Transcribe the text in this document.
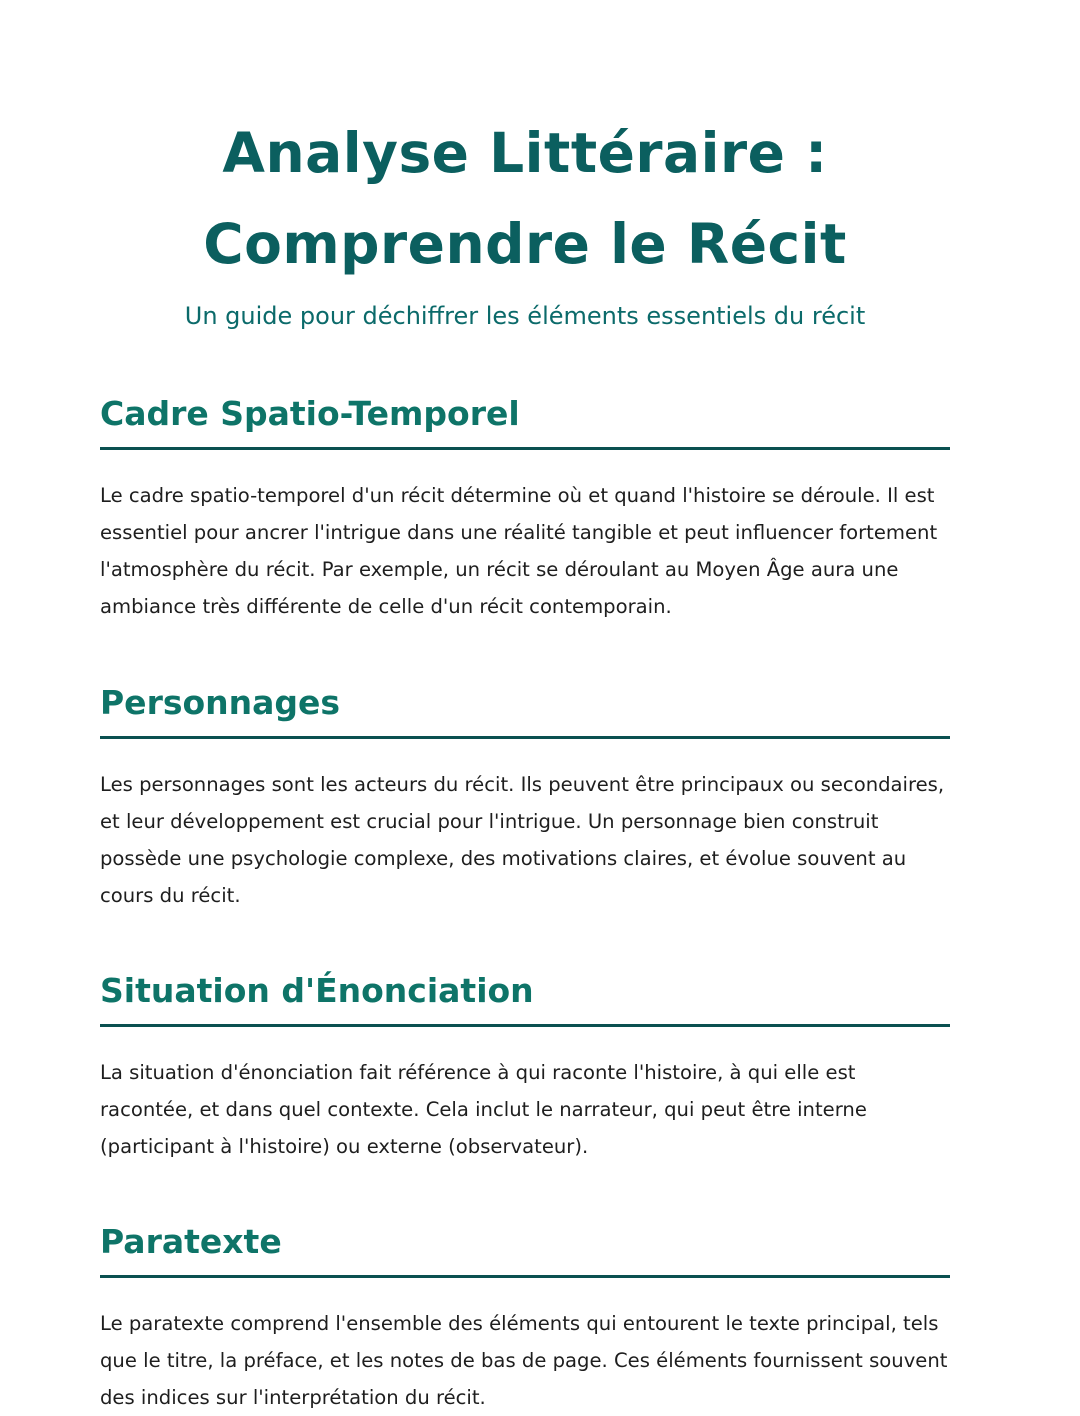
Analyse Littéraire :
Comprendre le Récit
Un guide pour déchiffrer les éléments essentiels du récit
Cadre Spatio-Temporel

Le cadre spatio-temporel d'un récit détermine où et quand l'histoire se déroule. Il est essentiel pour ancrer l'intrigue dans une réalité tangible et peut influencer fortement l'atmosphère du récit. Par exemple, un récit se déroulant au Moyen Âge aura une ambiance très différente de celle d'un récit contemporain.

Personnages

Les personnages sont les acteurs du récit. Ils peuvent être principaux ou secondaires, et leur développement est crucial pour l'intrigue. Un personnage bien construit possède une psychologie complexe, des motivations claires, et évolue souvent au cours du récit.

Situation d'Énonciation

La situation d'énonciation fait référence à qui raconte l'histoire, à qui elle est racontée, et dans quel contexte. Cela inclut le narrateur, qui peut être interne (participant à l'histoire) ou externe (observateur).

Paratexte

Le paratexte comprend l'ensemble des éléments qui entourent le texte principal, tels que le titre, la préface, et les notes de bas de page. Ces éléments fournissent souvent des indices sur l'interprétation du récit.
